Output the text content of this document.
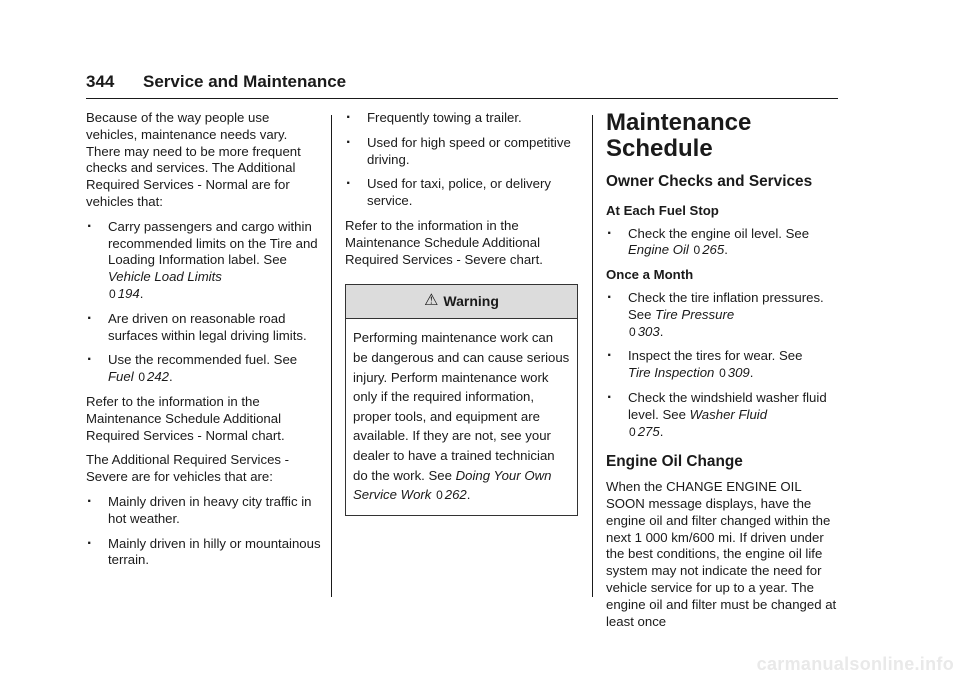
344 Service and Maintenance

Because of the way people use vehicles, maintenance needs vary. There may need to be more frequent checks and services. The Additional Required Services - Normal are for vehicles that:

. Carry passengers and cargo within recommended limits on the Tire and Loading Information label. See Vehicle Load Limits
0 194.
. Are driven on reasonable road surfaces within legal driving limits.
. Use the recommended fuel. See
Fuel 0 242.

Refer to the information in the Maintenance Schedule Additional Required Services - Normal chart.

The Additional Required Services - Severe are for vehicles that are:

. Mainly driven in heavy city traffic in hot weather.
. Mainly driven in hilly or mountainous terrain.
. Frequently towing a trailer.
. Used for high speed or competitive driving.
. Used for taxi, police, or delivery service.

Refer to the information in the Maintenance Schedule Additional Required Services - Severe chart.

⚠ Warning
Performing maintenance work can be dangerous and can cause serious injury. Perform maintenance work only if the required information, proper tools, and equipment are available. If they are not, see your dealer to have a trained technician do the work. See Doing Your Own Service Work 0 262.
Maintenance
Schedule
Owner Checks and Services
At Each Fuel Stop
. Check the engine oil level. See
Engine Oil 0 265.
Once a Month
. Check the tire inflation pressures. See Tire Pressure
0 303.
. Inspect the tires for wear. See
Tire Inspection 0 309.
. Check the windshield washer fluid level. See Washer Fluid
0 275.
Engine Oil Change

When the CHANGE ENGINE OIL SOON message displays, have the engine oil and filter changed within the next 1 000 km/600 mi. If driven under the best conditions, the engine oil life system may not indicate the need for vehicle service for up to a year. The engine oil and filter must be changed at least once

carmanualsonline.info
